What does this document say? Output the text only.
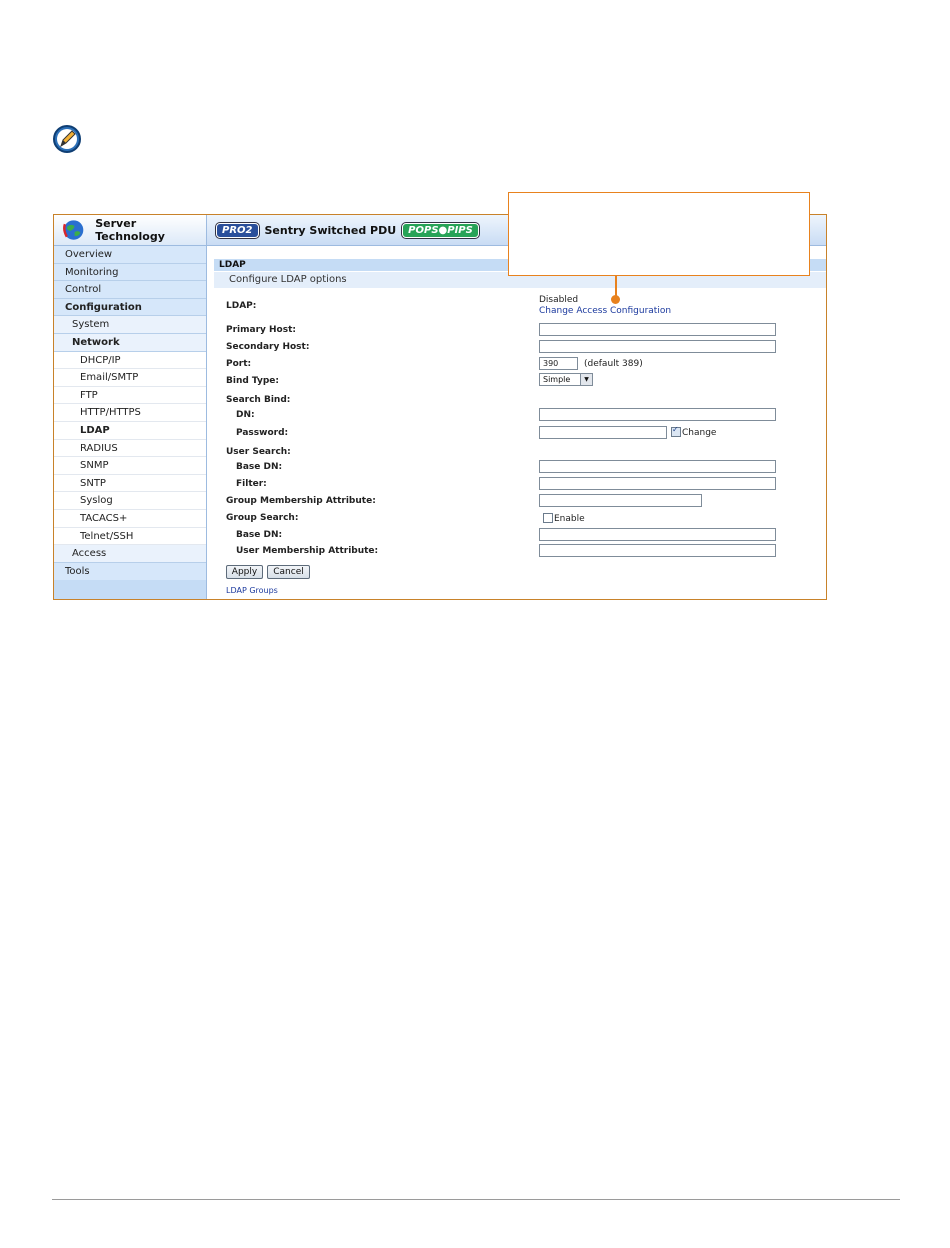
Server Technology
Overview
Monitoring
Control
Configuration
System
Network
DHCP/IP
Email/SMTP
FTP
HTTP/HTTPS
LDAP
RADIUS
SNMP
SNTP
Syslog
TACACS+
Telnet/SSH
Access
Tools
PRO2	Sentry Switched PDU	POPS●PIPS
LDAP
Configure LDAP options
LDAP:
Disabled
Change Access Configuration
Primary Host:
Secondary Host:
Port:	390	(default 389)
Bind Type:	Simple	▼
Search Bind:
DN:
Password:
✓	Change
User Search:
Base DN:
Filter:
Group Membership Attribute:
Group Search:	Enable
Base DN:
User Membership Attribute:
Apply	Cancel
LDAP Groups
